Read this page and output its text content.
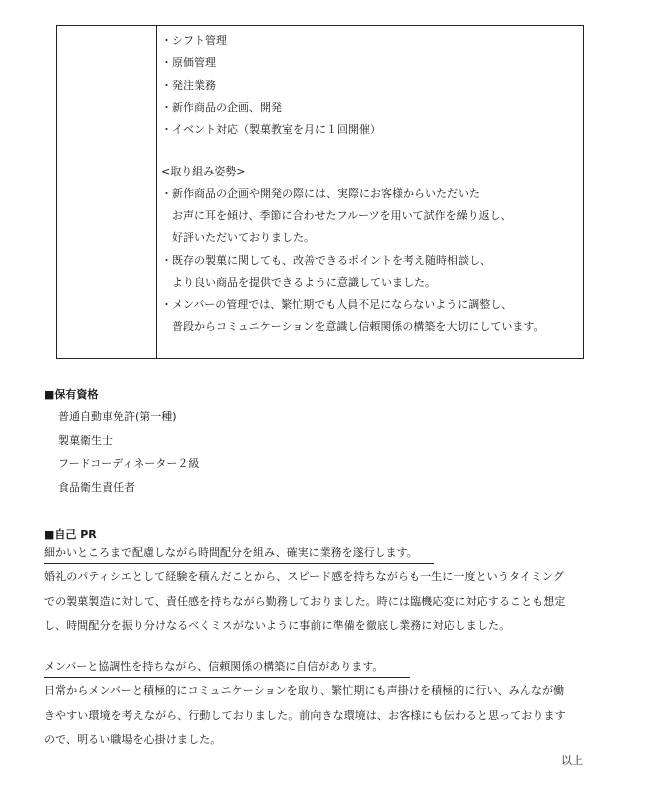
・シフト管理
・原価管理
・発注業務
・新作商品の企画、開発
・イベント対応（製菓教室を月に１回開催）
<取り組み姿勢>
・新作商品の企画や開発の際には、実際にお客様からいただいた
お声に耳を傾け、季節に合わせたフルーツを用いて試作を繰り返し、
好評いただいておりました。
・既存の製菓に関しても、改善できるポイントを考え随時相談し、
より良い商品を提供できるように意識していました。
・メンバーの管理では、繁忙期でも人員不足にならないように調整し、
普段からコミュニケーションを意識し信頼関係の構築を大切にしています。
■保有資格
普通自動車免許(第一種)
製菓衛生士
フードコーディネーター２級
食品衛生責任者
■自己 PR
細かいところまで配慮しながら時間配分を組み、確実に業務を遂行します。
婚礼のパティシエとして経験を積んだことから、スピード感を持ちながらも一生に一度というタイミング
での製菓製造に対して、責任感を持ちながら勤務しておりました。時には臨機応変に対応することも想定
し、時間配分を振り分けなるべくミスがないように事前に準備を徹底し業務に対応しました。
メンバーと協調性を持ちながら、信頼関係の構築に自信があります。
日常からメンバーと積極的にコミュニケーションを取り、繁忙期にも声掛けを積極的に行い、みんなが働
きやすい環境を考えながら、行動しておりました。前向きな環境は、お客様にも伝わると思っております
ので、明るい職場を心掛けました。
以上
